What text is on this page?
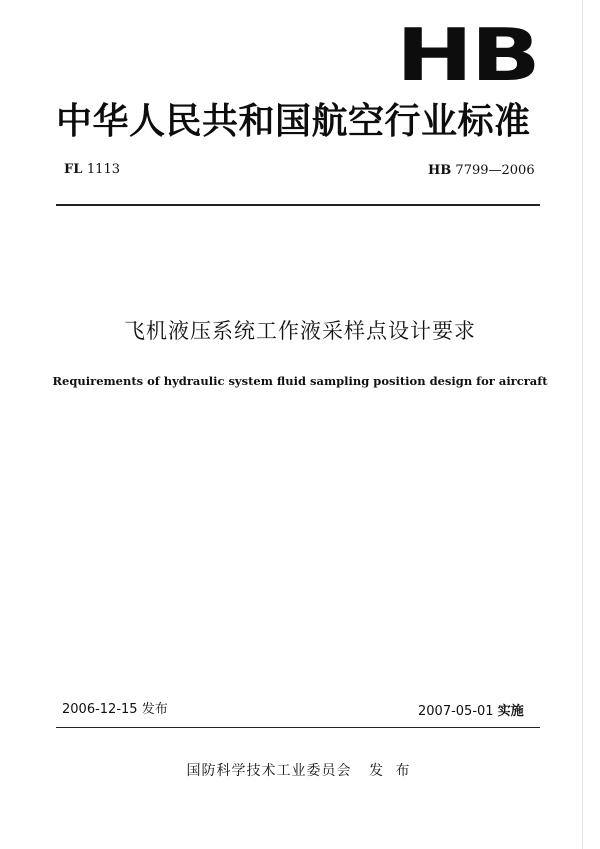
HB
中华人民共和国航空行业标准
FL 1113	HB 7799—2006
飞机液压系统工作液采样点设计要求
Requirements of hydraulic system fluid sampling position design for aircraft
2006-12-15 发布	2007-05-01 实施
国防科学技术工业委员会 发 布
